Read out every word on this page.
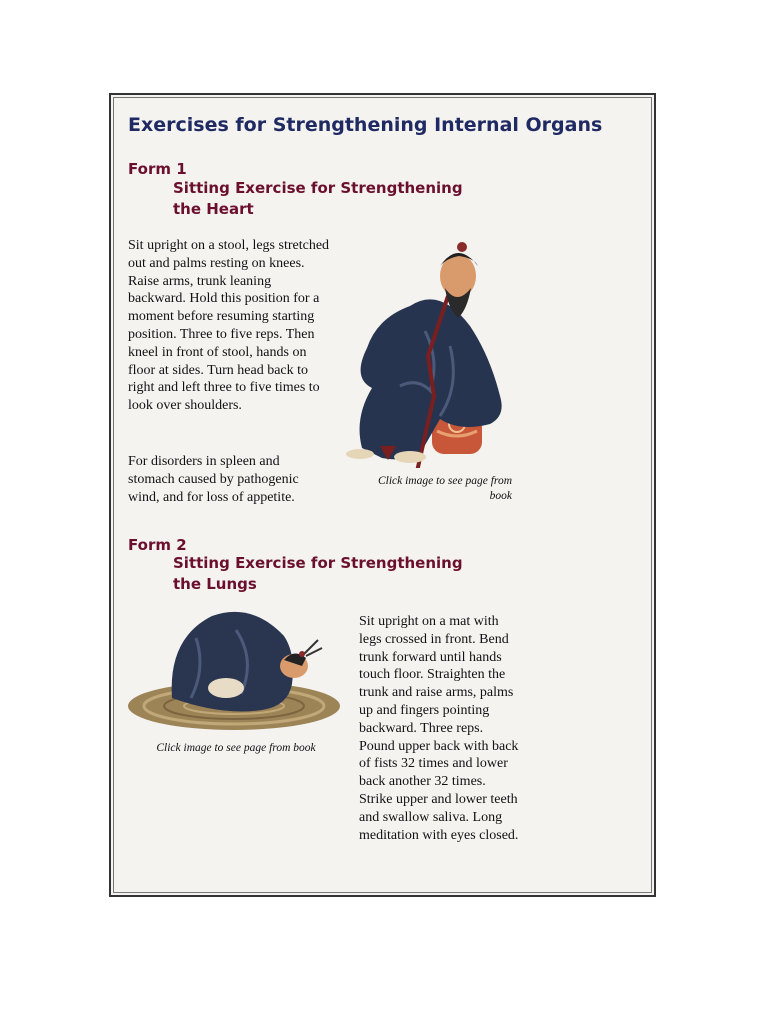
Exercises for Strengthening Internal Organs
Form 1
Sitting Exercise for Strengthening the Heart
Sit upright on a stool, legs stretched out and palms resting on knees. Raise arms, trunk leaning backward. Hold this position for a moment before resuming starting position. Three to five reps. Then kneel in front of stool, hands on floor at sides. Turn head back to right and left three to five times to look over shoulders.
For disorders in spleen and stomach caused by pathogenic wind, and for loss of appetite.
Click image to see page from book
Form 2
Sitting Exercise for Strengthening the Lungs
Click image to see page from book
Sit upright on a mat with legs crossed in front. Bend trunk forward until hands touch floor. Straighten the trunk and raise arms, palms up and fingers pointing backward. Three reps. Pound upper back with back of fists 32 times and lower back another 32 times. Strike upper and lower teeth and swallow saliva. Long meditation with eyes closed.
